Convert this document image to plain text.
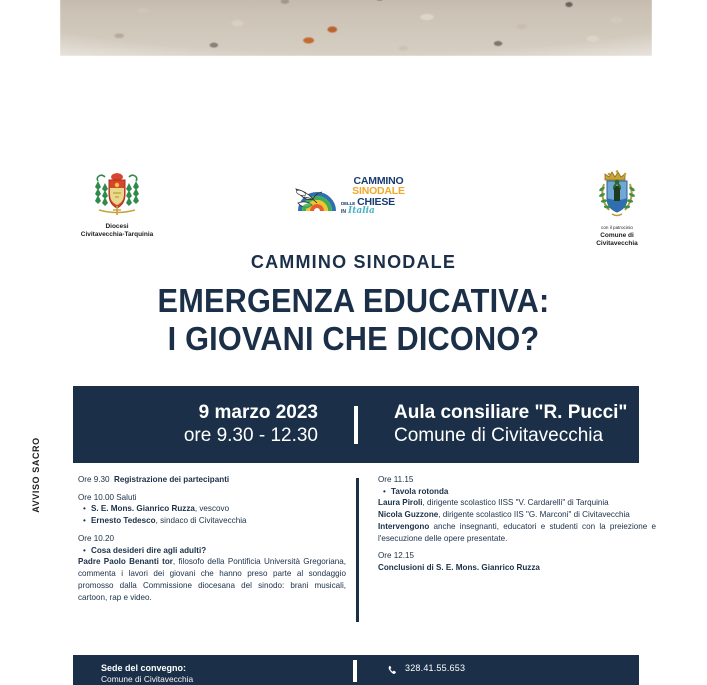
AVVISO SACRO
Diocesi
Civitavecchia-Tarquinia
CAMMINO
SINODALE
DELLE CHIESE
IN Italia
con il patrocinio
Comune di
Civitavecchia
CAMMINO SINODALE
EMERGENZA EDUCATIVA:
I GIOVANI CHE DICONO?
9 marzo 2023
ore 9.30 - 12.30
Aula consiliare "R. Pucci"
Comune di Civitavecchia
Ore 9.30 Registrazione dei partecipanti
Ore 10.00 Saluti
• S. E. Mons. Gianrico Ruzza, vescovo
• Ernesto Tedesco, sindaco di Civitavecchia
Ore 10.20
• Cosa desideri dire agli adulti?
Padre Paolo Benanti tor, filosofo della Pontificia Università Gregoriana, commenta i lavori dei giovani che hanno preso parte al sondaggio promosso dalla Commissione diocesana del sinodo: brani musicali, cartoon, rap e video.
Ore 11.15
• Tavola rotonda
Laura Piroli, dirigente scolastico IISS "V. Cardarelli" di Tarquinia
Nicola Guzzone, dirigente scolastico IIS "G. Marconi" di Civitavecchia
Intervengono anche insegnanti, educatori e studenti con la preiezione e l'esecuzione delle opere presentate.
Ore 12.15
Conclusioni di S. E. Mons. Gianrico Ruzza
Sede del convegno:
Comune di Civitavecchia
328.41.55.653
